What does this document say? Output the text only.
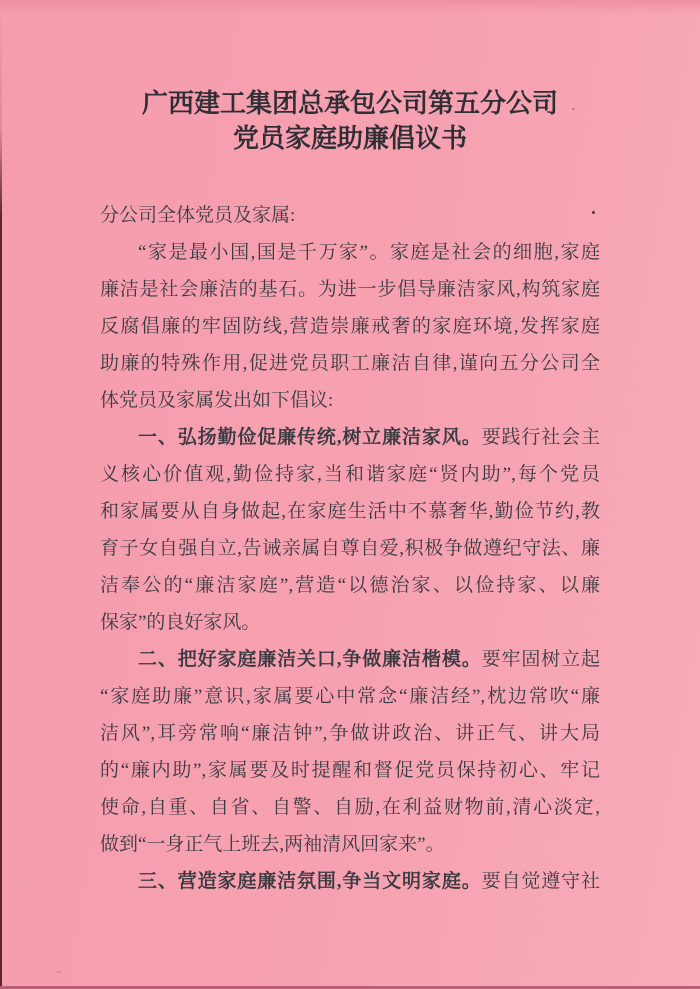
广西建工集团总承包公司第五分公司
党员家庭助廉倡议书
分公司全体党员及家属:
“家是最小国,国是千万家”。家庭是社会的细胞,家庭
廉洁是社会廉洁的基石。为进一步倡导廉洁家风,构筑家庭
反腐倡廉的牢固防线,营造崇廉戒奢的家庭环境,发挥家庭
助廉的特殊作用,促进党员职工廉洁自律,谨向五分公司全
体党员及家属发出如下倡议:
一、弘扬勤俭促廉传统,树立廉洁家风。要践行社会主
义核心价值观,勤俭持家,当和谐家庭“贤内助”,每个党员
和家属要从自身做起,在家庭生活中不慕奢华,勤俭节约,教
育子女自强自立,告诫亲属自尊自爱,积极争做遵纪守法、廉
洁奉公的“廉洁家庭”,营造“以德治家、以俭持家、以廉
保家”的良好家风。
二、把好家庭廉洁关口,争做廉洁楷模。要牢固树立起
“家庭助廉”意识,家属要心中常念“廉洁经”,枕边常吹“廉
洁风”,耳旁常响“廉洁钟”,争做讲政治、讲正气、讲大局
的“廉内助”,家属要及时提醒和督促党员保持初心、牢记
使命,自重、自省、自警、自励,在利益财物前,清心淡定,
做到“一身正气上班去,两袖清风回家来”。
三、营造家庭廉洁氛围,争当文明家庭。要自觉遵守社
